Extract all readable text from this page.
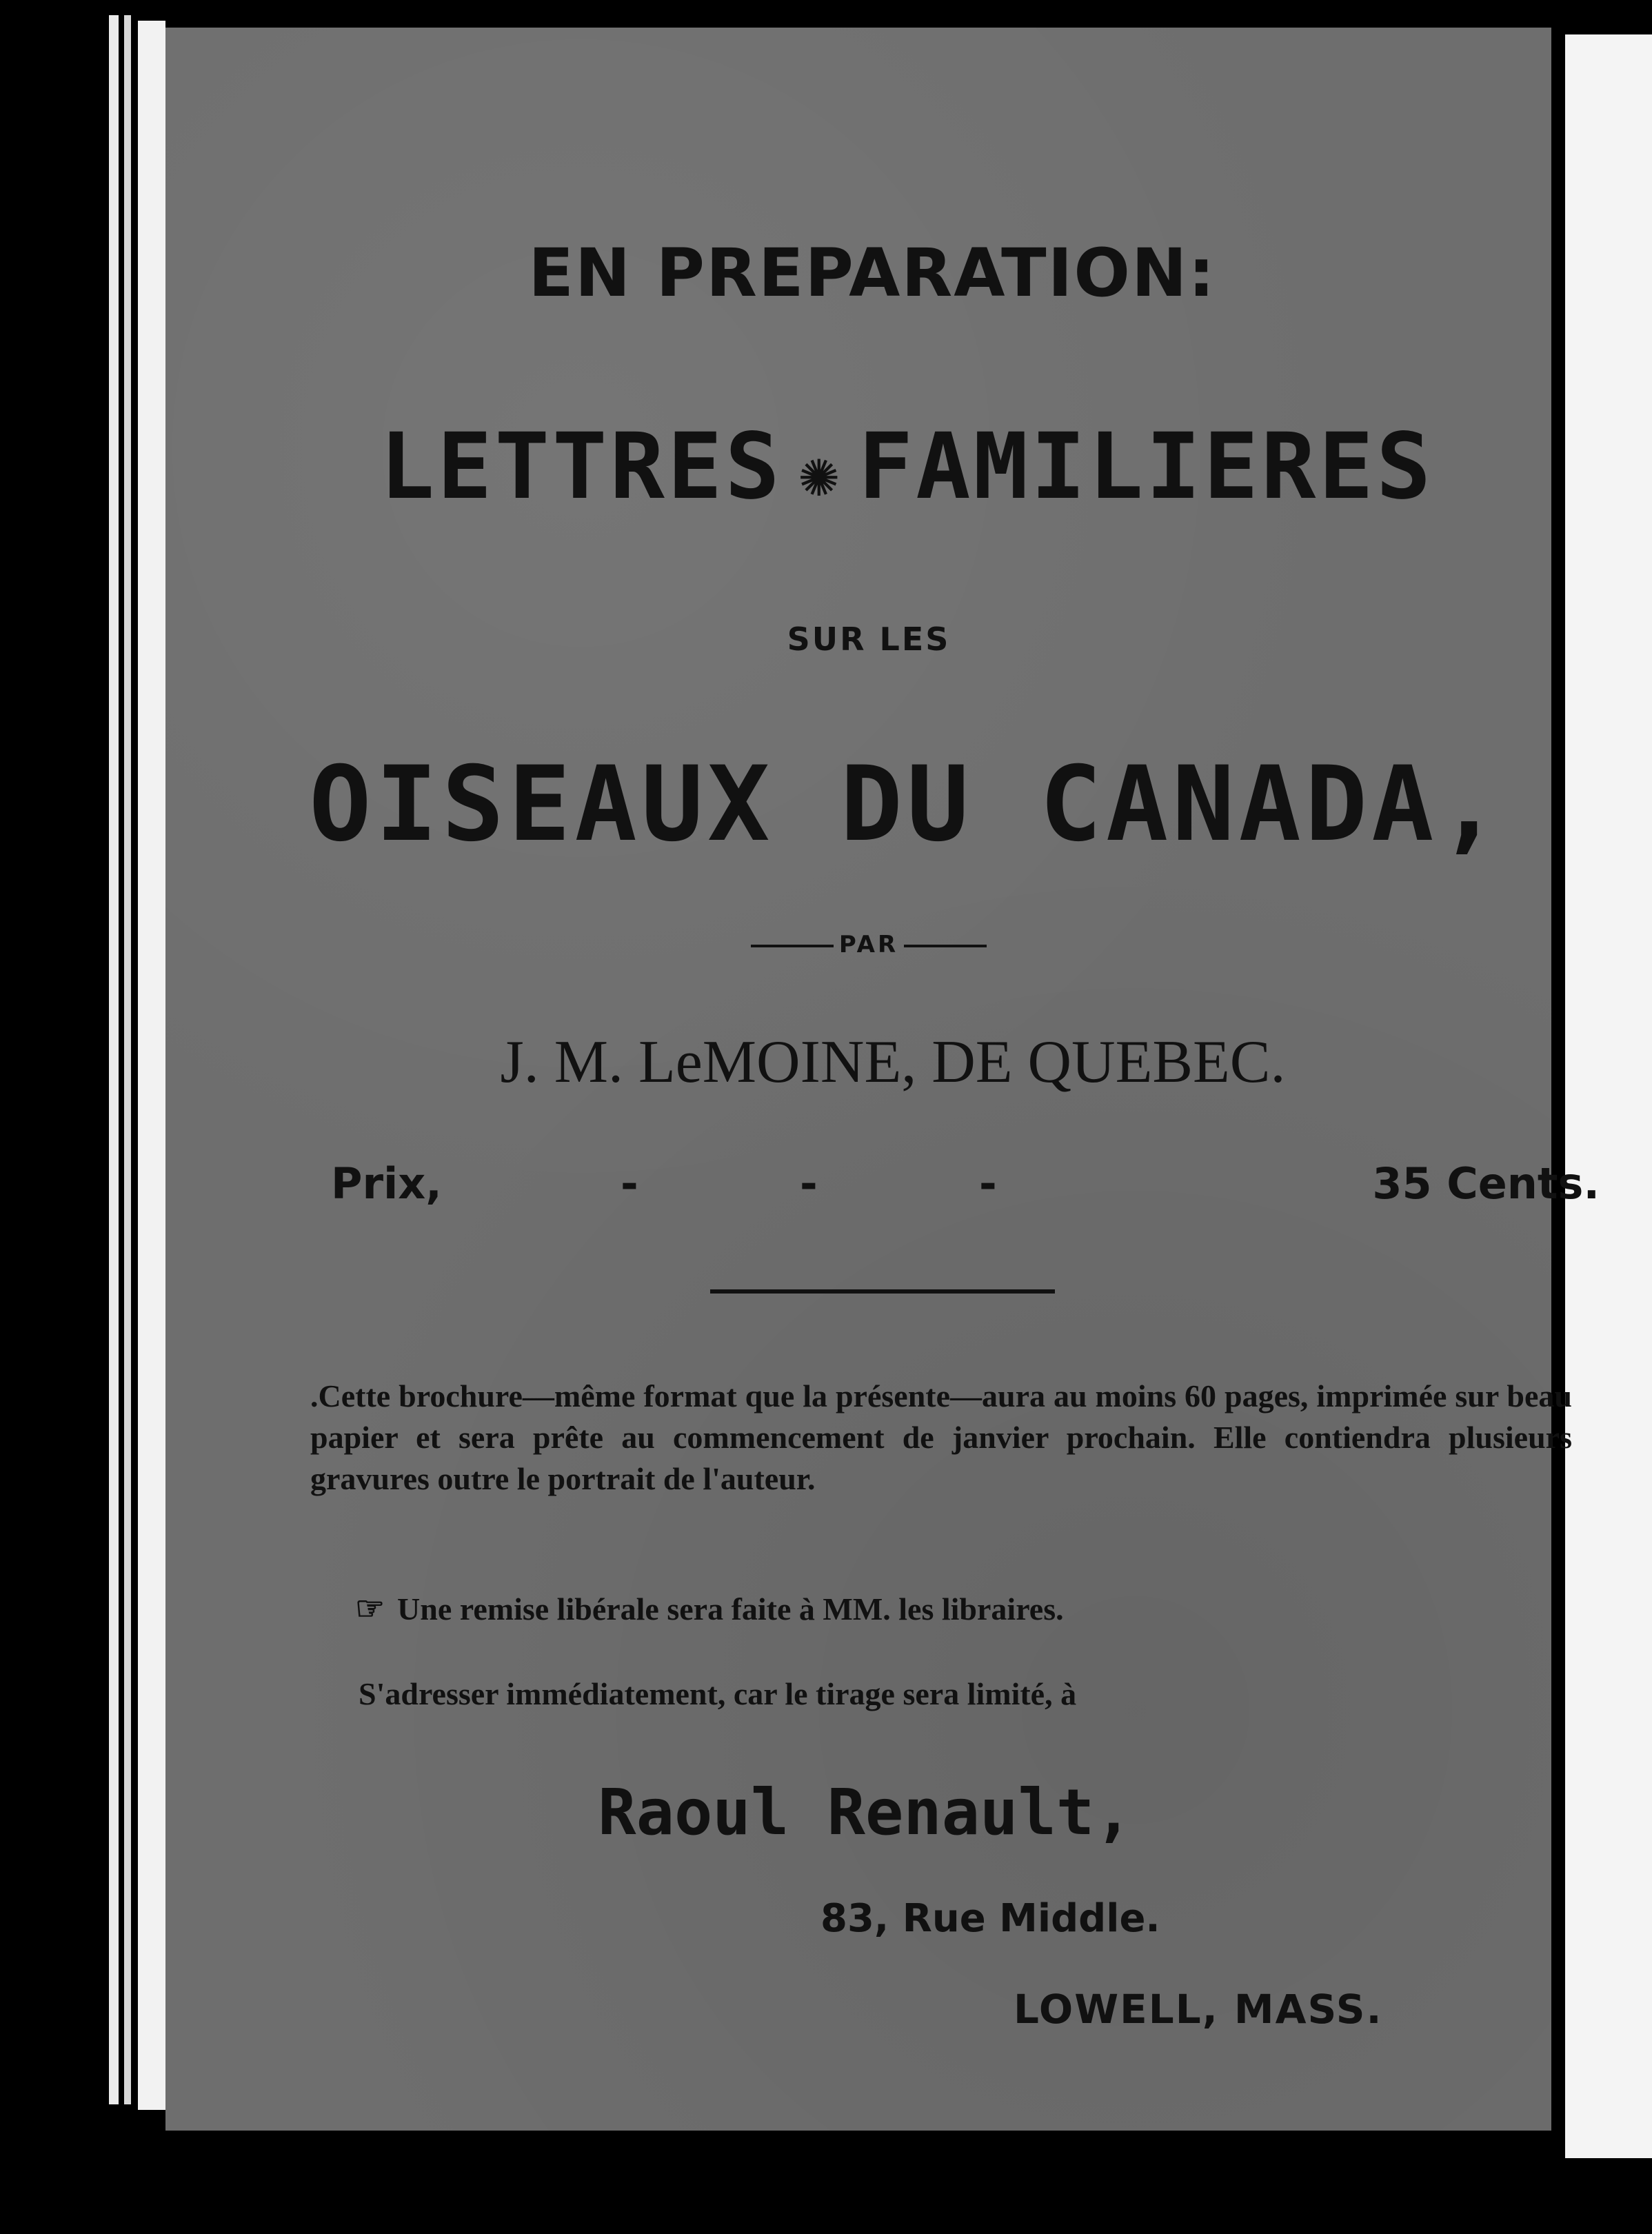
EN PREPARATION:
LETTRES ✺ FAMILIERES
SUR LES
OISEAUX DU CANADA,
PAR
J. M. LeMOINE, DE QUEBEC.
Prix,	-	-	-	35 Cents.
.Cette brochure—même format que la présente—aura au moins 60 pages, imprimée sur beau papier et sera prête au commencement de janvier prochain. Elle contiendra plusieurs gravures outre le portrait de l'auteur.
☞ Une remise libérale sera faite à MM. les libraires.
S'adresser immédiatement, car le tirage sera limité, à
Raoul Renault,
83, Rue Middle.
LOWELL, MASS.
